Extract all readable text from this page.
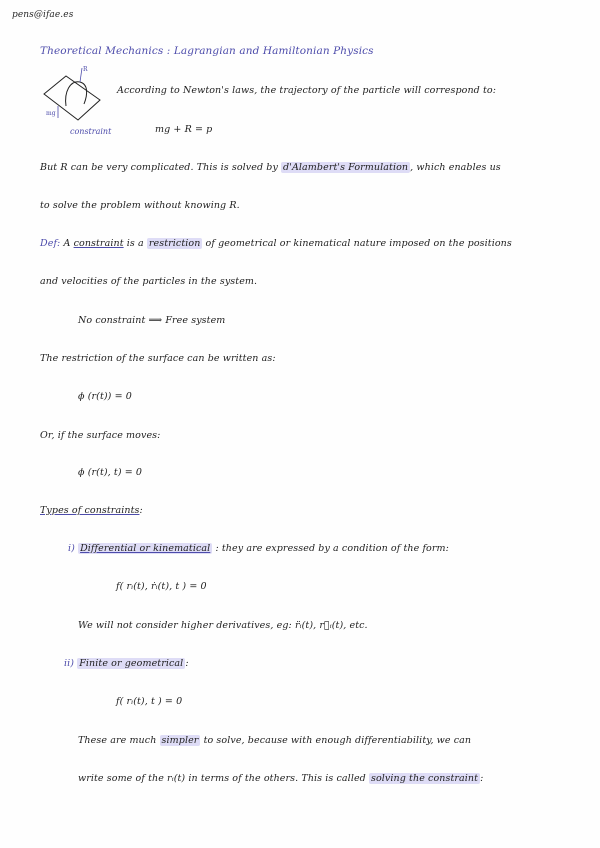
pens@ifae.es
Theoretical Mechanics : Lagrangian and Hamiltonian Physics
R
mg
constraint
According to Newton's laws, the trajectory of the particle will correspond to:
mg + R = p
But R can be very complicated. This is solved by d'Alambert's Formulation , which enables us
to solve the problem without knowing R.
Def: A constraint is a restriction of geometrical or kinematical nature imposed on the positions
and velocities of the particles in the system.
No constraint ⟹ Free system
The restriction of the surface can be written as:
ϕ (r(t)) = 0
Or, if the surface moves:
ϕ (r(t), t) = 0
Types of constraints:
i) Differential or kinematical : they are expressed by a condition of the form:
f( rᵢ(t), ṙᵢ(t), t ) = 0
We will not consider higher derivatives, eg: r̈ᵢ(t), r⃛ᵢ(t), etc.
ii) Finite or geometrical :
f( rᵢ(t), t ) = 0
These are much simpler to solve, because with enough differentiability, we can
write some of the rᵢ(t) in terms of the others. This is called solving the constraint :
